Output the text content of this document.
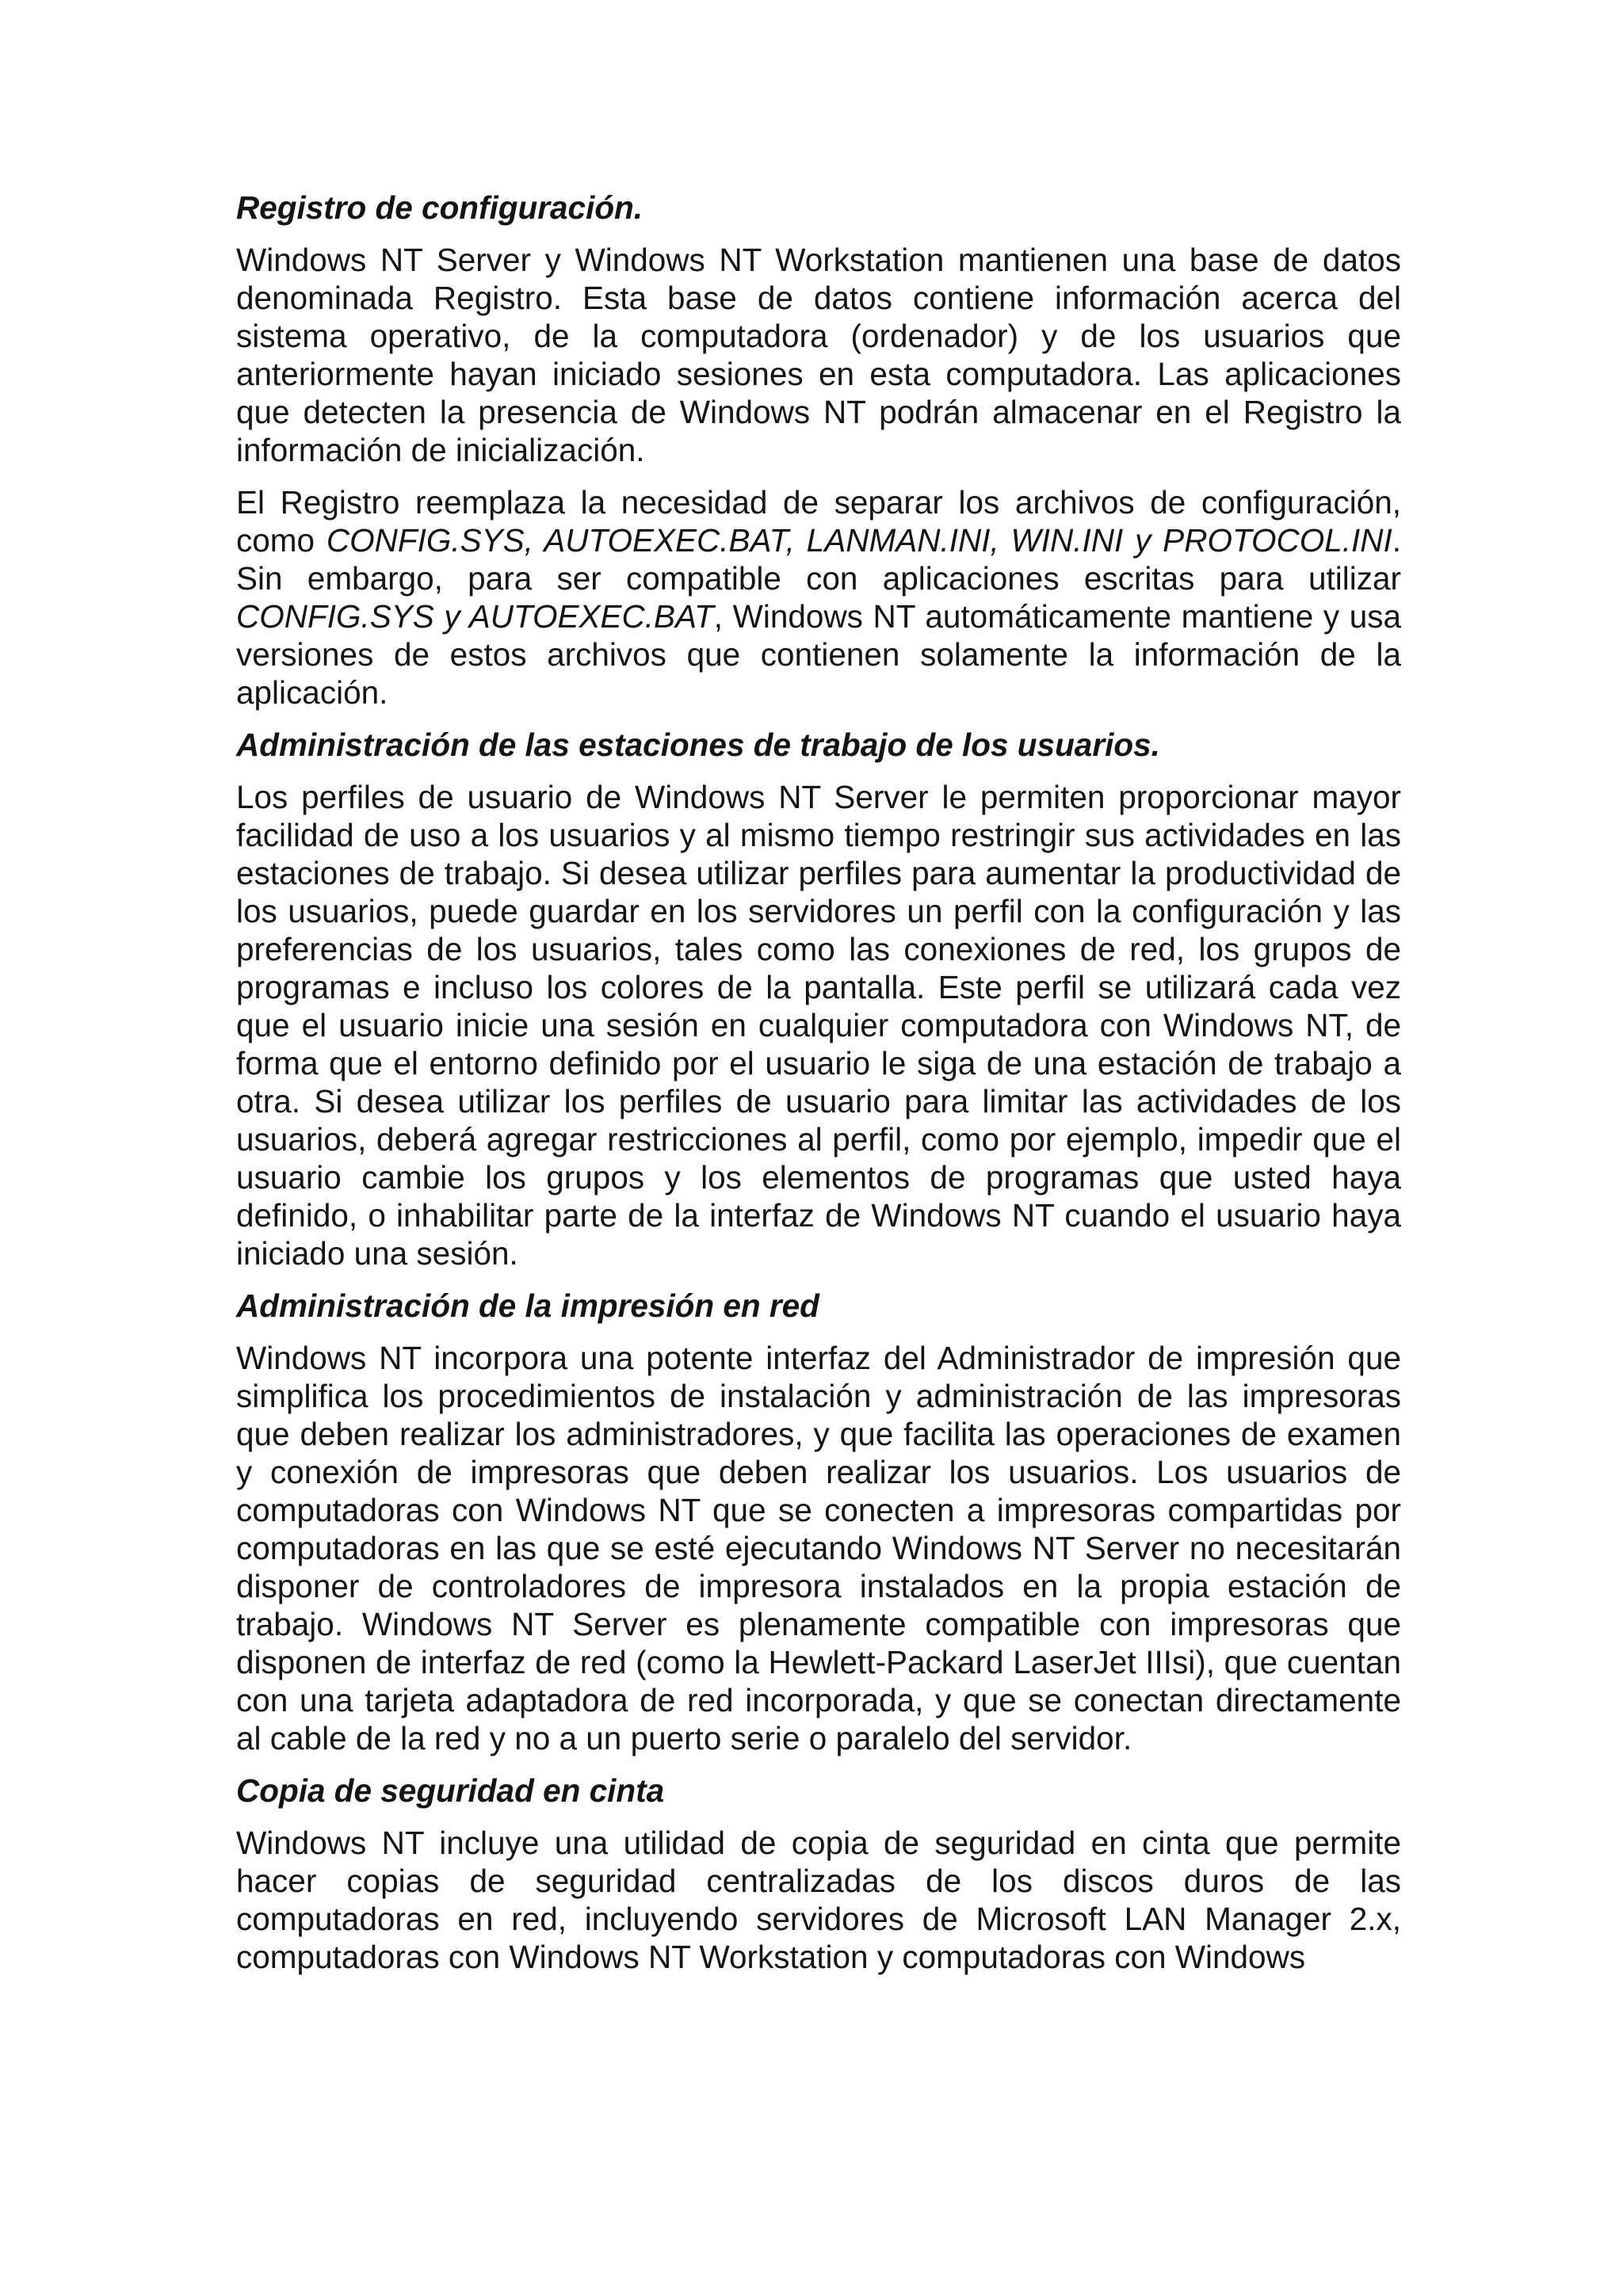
Registro de configuración.
Windows NT Server y Windows NT Workstation mantienen una base de datos denominada Registro. Esta base de datos contiene información acerca del sistema operativo, de la computadora (ordenador) y de los usuarios que anteriormente hayan iniciado sesiones en esta computadora. Las aplicaciones que detecten la presencia de Windows NT podrán almacenar en el Registro la información de inicialización.
El Registro reemplaza la necesidad de separar los archivos de configuración, como CONFIG.SYS, AUTOEXEC.BAT, LANMAN.INI, WIN.INI y PROTOCOL.INI. Sin embargo, para ser compatible con aplicaciones escritas para utilizar CONFIG.SYS y AUTOEXEC.BAT, Windows NT automáticamente mantiene y usa versiones de estos archivos que contienen solamente la información de la aplicación.
Administración de las estaciones de trabajo de los usuarios.
Los perfiles de usuario de Windows NT Server le permiten proporcionar mayor facilidad de uso a los usuarios y al mismo tiempo restringir sus actividades en las estaciones de trabajo. Si desea utilizar perfiles para aumentar la productividad de los usuarios, puede guardar en los servidores un perfil con la configuración y las preferencias de los usuarios, tales como las conexiones de red, los grupos de programas e incluso los colores de la pantalla. Este perfil se utilizará cada vez que el usuario inicie una sesión en cualquier computadora con Windows NT, de forma que el entorno definido por el usuario le siga de una estación de trabajo a otra. Si desea utilizar los perfiles de usuario para limitar las actividades de los usuarios, deberá agregar restricciones al perfil, como por ejemplo, impedir que el usuario cambie los grupos y los elementos de programas que usted haya definido, o inhabilitar parte de la interfaz de Windows NT cuando el usuario haya iniciado una sesión.
Administración de la impresión en red
Windows NT incorpora una potente interfaz del Administrador de impresión que simplifica los procedimientos de instalación y administración de las impresoras que deben realizar los administradores, y que facilita las operaciones de examen y conexión de impresoras que deben realizar los usuarios. Los usuarios de computadoras con Windows NT que se conecten a impresoras compartidas por computadoras en las que se esté ejecutando Windows NT Server no necesitarán disponer de controladores de impresora instalados en la propia estación de trabajo. Windows NT Server es plenamente compatible con impresoras que disponen de interfaz de red (como la Hewlett-Packard LaserJet IIIsi), que cuentan con una tarjeta adaptadora de red incorporada, y que se conectan directamente al cable de la red y no a un puerto serie o paralelo del servidor.
Copia de seguridad en cinta
Windows NT incluye una utilidad de copia de seguridad en cinta que permite hacer copias de seguridad centralizadas de los discos duros de las computadoras en red, incluyendo servidores de Microsoft LAN Manager 2.x, computadoras con Windows NT Workstation y computadoras con Windows
